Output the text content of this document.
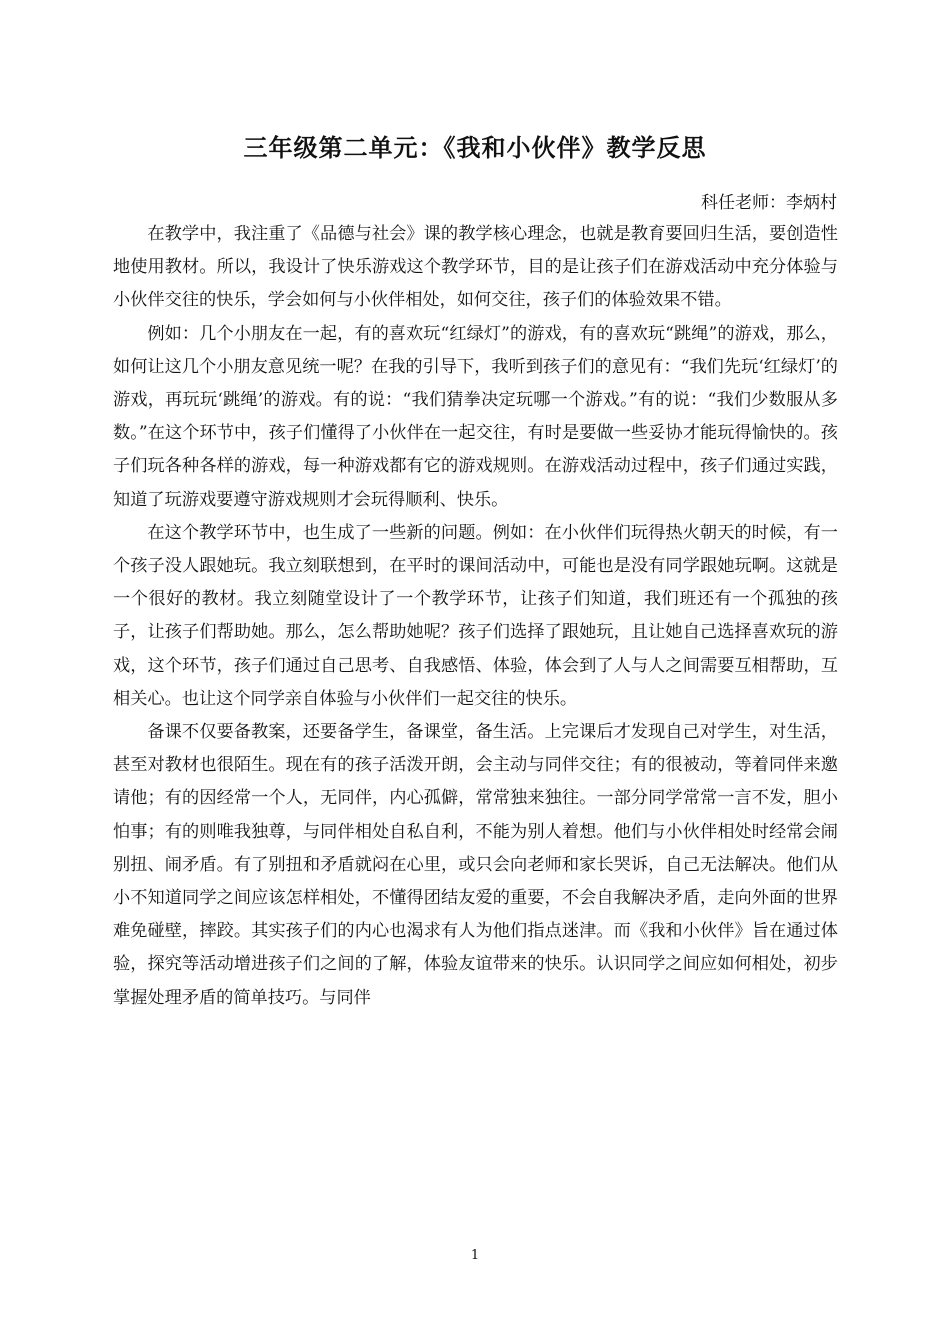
三年级第二单元：《我和小伙伴》教学反思
科任老师：李炳村

在教学中，我注重了《品德与社会》课的教学核心理念，也就是教育要回归生活，要创造性地使用教材。所以，我设计了快乐游戏这个教学环节，目的是让孩子们在游戏活动中充分体验与小伙伴交往的快乐，学会如何与小伙伴相处，如何交往，孩子们的体验效果不错。

例如：几个小朋友在一起，有的喜欢玩“红绿灯”的游戏，有的喜欢玩“跳绳”的游戏，那么，如何让这几个小朋友意见统一呢？在我的引导下，我听到孩子们的意见有：“我们先玩‘红绿灯’的游戏，再玩玩‘跳绳’的游戏。有的说：“我们猜拳决定玩哪一个游戏。”有的说：“我们少数服从多数。”在这个环节中，孩子们懂得了小伙伴在一起交往，有时是要做一些妥协才能玩得愉快的。孩子们玩各种各样的游戏，每一种游戏都有它的游戏规则。在游戏活动过程中，孩子们通过实践，知道了玩游戏要遵守游戏规则才会玩得顺利、快乐。

在这个教学环节中，也生成了一些新的问题。例如：在小伙伴们玩得热火朝天的时候，有一个孩子没人跟她玩。我立刻联想到，在平时的课间活动中，可能也是没有同学跟她玩啊。这就是一个很好的教材。我立刻随堂设计了一个教学环节，让孩子们知道，我们班还有一个孤独的孩子，让孩子们帮助她。那么，怎么帮助她呢？孩子们选择了跟她玩，且让她自己选择喜欢玩的游戏，这个环节，孩子们通过自己思考、自我感悟、体验，体会到了人与人之间需要互相帮助，互相关心。也让这个同学亲自体验与小伙伴们一起交往的快乐。

备课不仅要备教案，还要备学生，备课堂，备生活。上完课后才发现自己对学生，对生活，甚至对教材也很陌生。现在有的孩子活泼开朗，会主动与同伴交往；有的很被动，等着同伴来邀请他；有的因经常一个人，无同伴，内心孤僻，常常独来独往。一部分同学常常一言不发，胆小怕事；有的则唯我独尊，与同伴相处自私自利，不能为别人着想。他们与小伙伴相处时经常会闹别扭、闹矛盾。有了别扭和矛盾就闷在心里，或只会向老师和家长哭诉，自己无法解决。他们从小不知道同学之间应该怎样相处，不懂得团结友爱的重要，不会自我解决矛盾，走向外面的世界难免碰壁，摔跤。其实孩子们的内心也渴求有人为他们指点迷津。而《我和小伙伴》旨在通过体验，探究等活动增进孩子们之间的了解，体验友谊带来的快乐。认识同学之间应如何相处，初步掌握处理矛盾的简单技巧。与同伴

1
